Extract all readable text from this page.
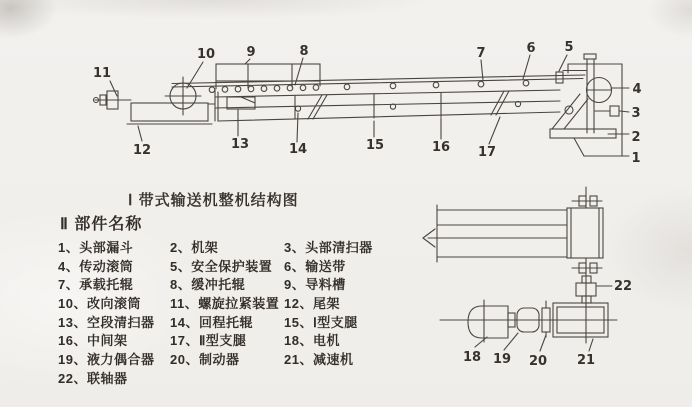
1
2
3
4
5
6
7
8
9
10
11
12	13	14	15	16 17
Ⅰ 带式输送机整机结构图
Ⅱ 部件名称
1、头部漏斗	2、机架	3、头部清扫器
4、传动滚筒	5、安全保护装置 6、输送带
7、承载托辊	8、缓冲托辊	9、导料槽
10、改向滚筒	11、螺旋拉紧装置 12、尾架
13、空段清扫器	14、回程托辊	15、Ⅰ型支腿
16、中间架	17、Ⅱ型支腿	18、电机
19、液力偶合器	20、制动器	21、减速机
22、联轴器
18 19 20 21
22
